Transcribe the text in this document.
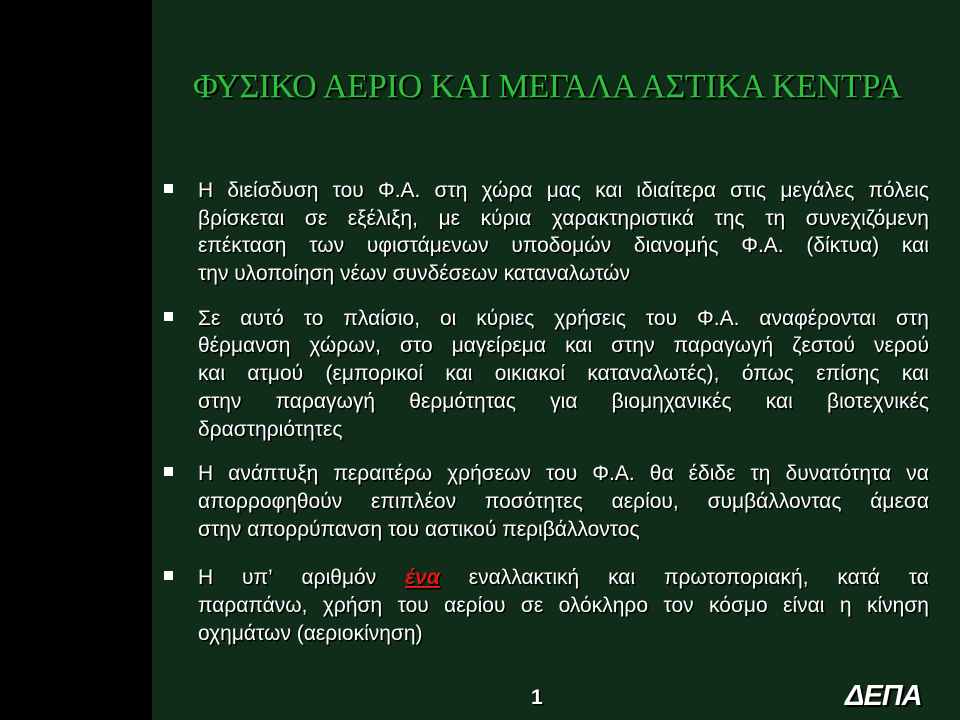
ΦΥΣΙΚΟ ΑΕΡΙΟ ΚΑΙ ΜΕΓΑΛΑ ΑΣΤΙΚΑ ΚΕΝΤΡΑ
Η διείσδυση του Φ.Α. στη χώρα μας και ιδιαίτερα στις μεγάλες πόλεις
βρίσκεται σε εξέλιξη, με κύρια χαρακτηριστικά της τη συνεχιζόμενη
επέκταση των υφιστάμενων υποδομών διανομής Φ.Α. (δίκτυα) και
την υλοποίηση νέων συνδέσεων καταναλωτών
Σε αυτό το πλαίσιο, οι κύριες χρήσεις του Φ.Α. αναφέρονται στη
θέρμανση χώρων, στο μαγείρεμα και στην παραγωγή ζεστού νερού
και ατμού (εμπορικοί και οικιακοί καταναλωτές), όπως επίσης και
στην παραγωγή θερμότητας για βιομηχανικές και βιοτεχνικές
δραστηριότητες
Η ανάπτυξη περαιτέρω χρήσεων του Φ.Α. θα έδιδε τη δυνατότητα να
απορροφηθούν επιπλέον ποσότητες αερίου, συμβάλλοντας άμεσα
στην απορρύπανση του αστικού περιβάλλοντος
Η υπ’ αριθμόν ένα εναλλακτική και πρωτοποριακή, κατά τα
παραπάνω, χρήση του αερίου σε ολόκληρο τον κόσμο είναι η κίνηση
οχημάτων (αεριοκίνηση)
1	ΔΕΠΑ
